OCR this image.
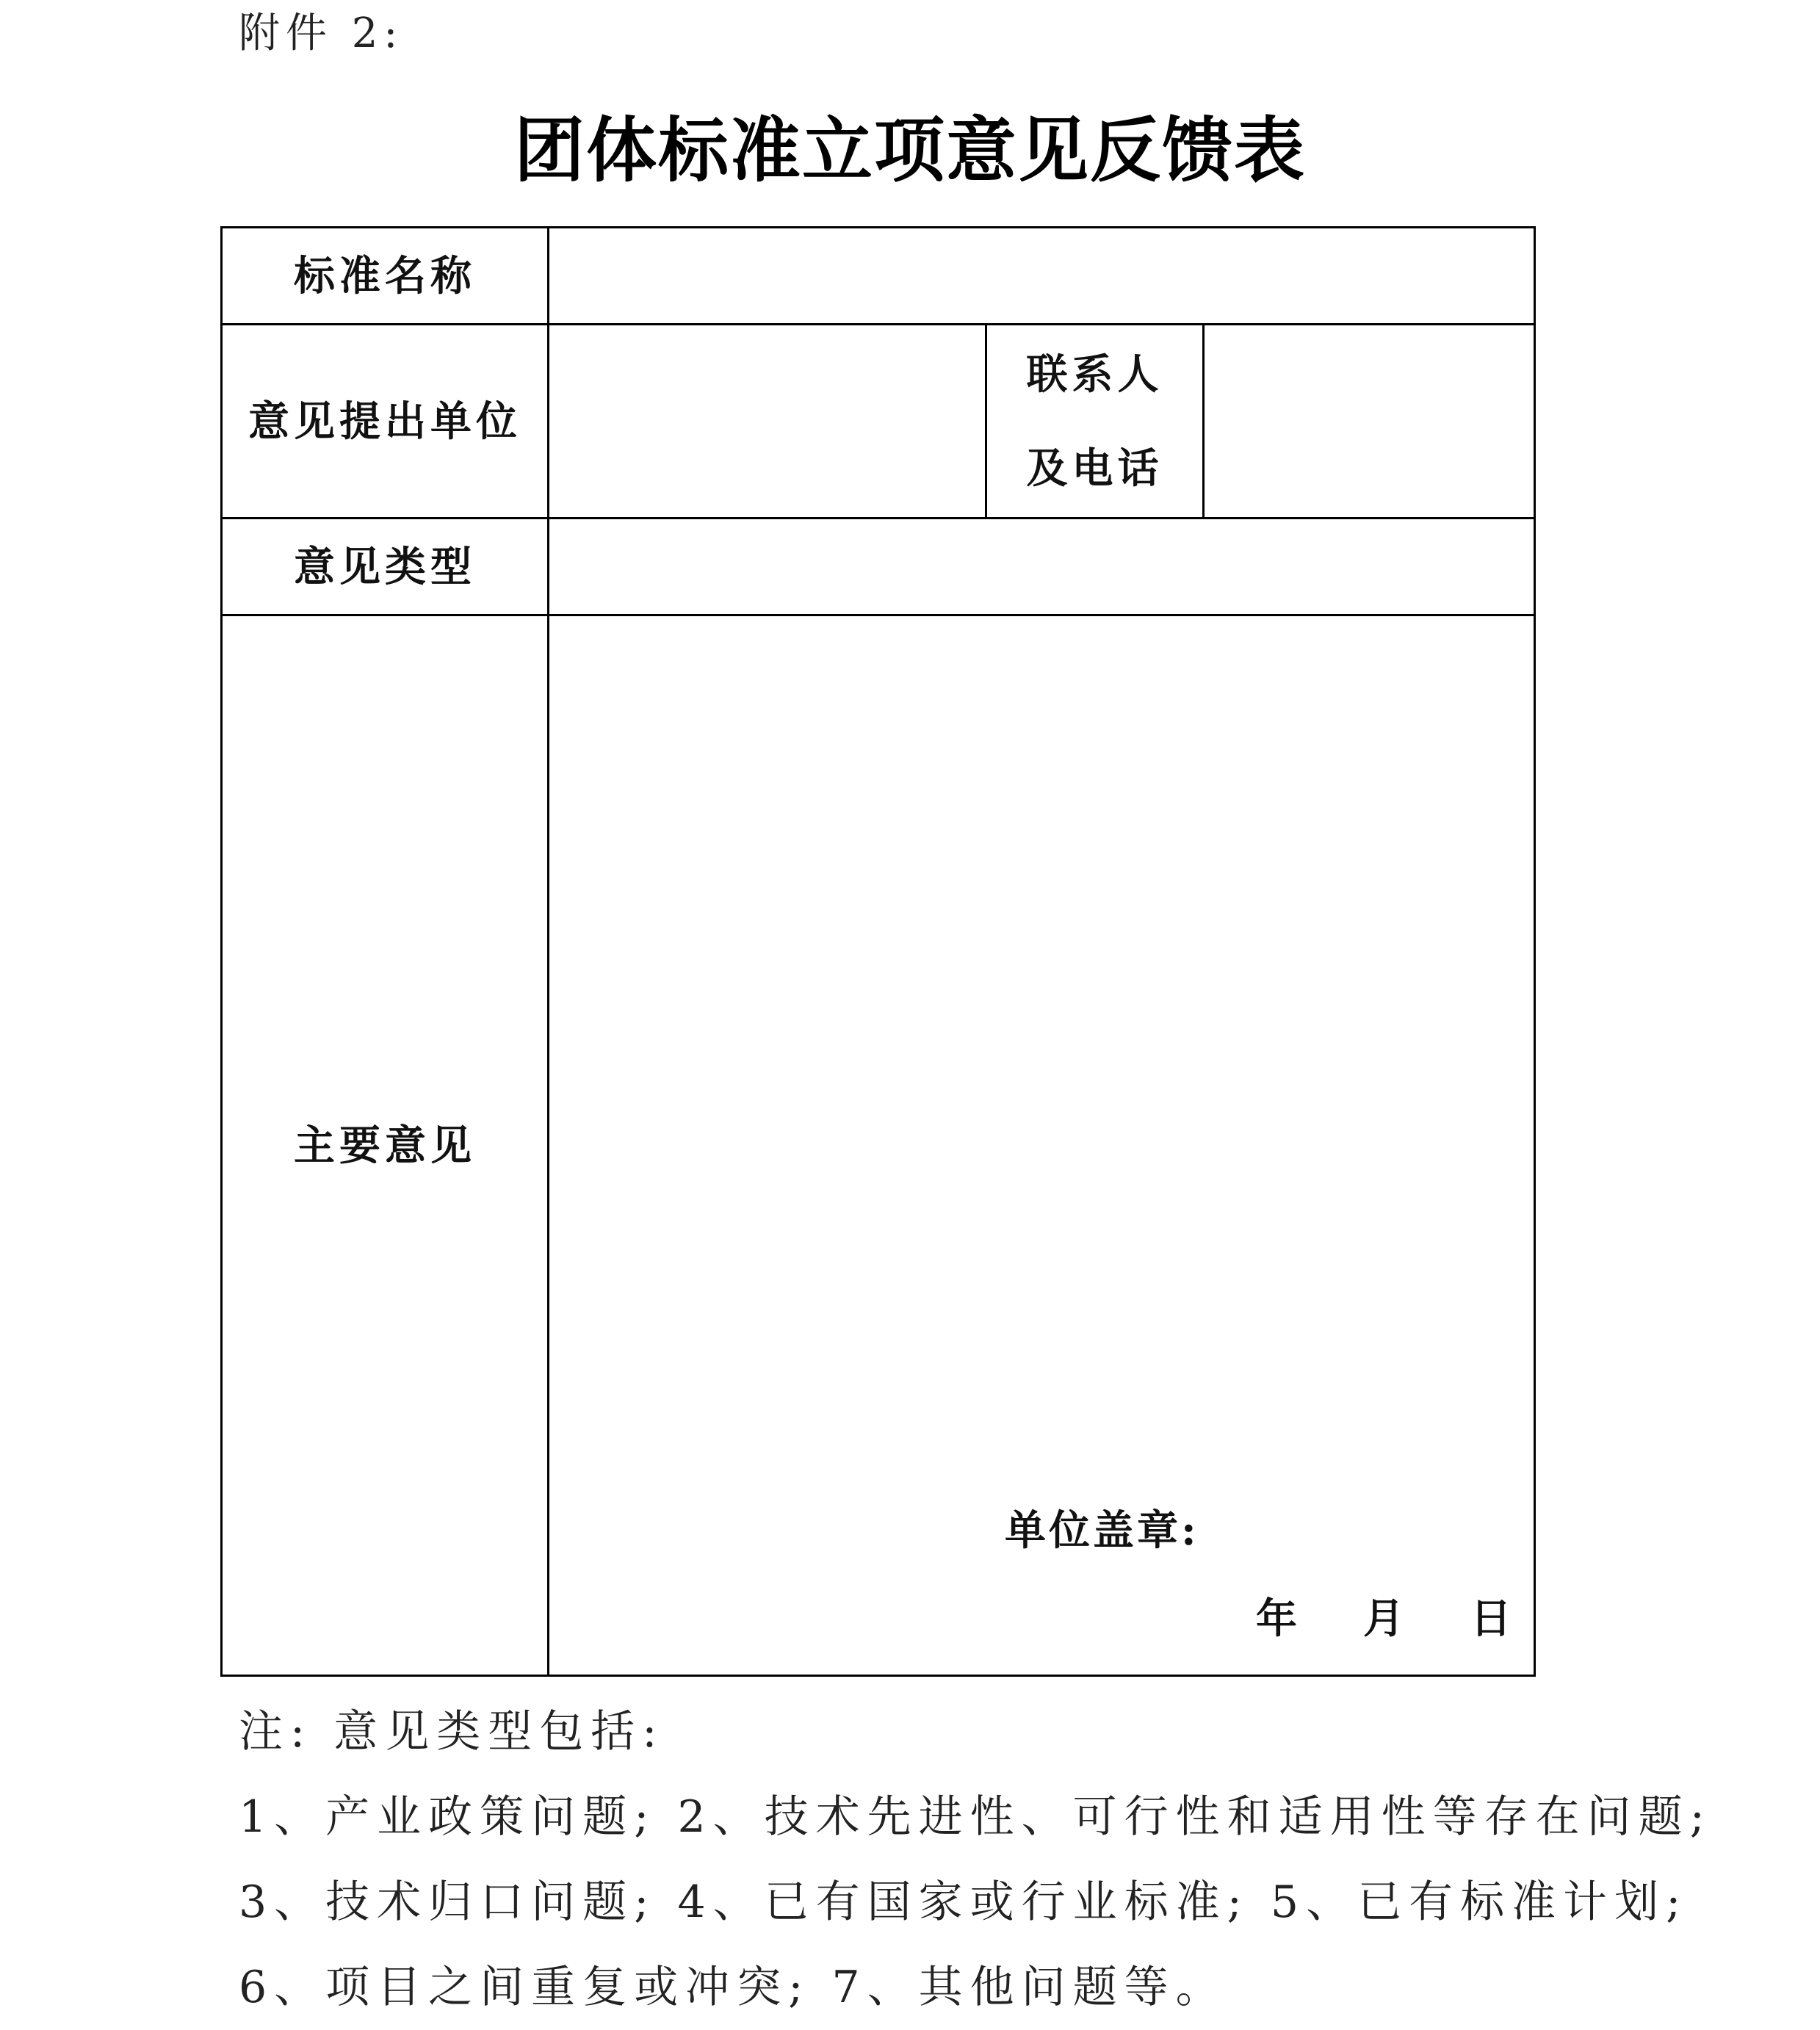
附件 2:
团体标准立项意见反馈表
标准名称			
意见提出单位		联系人
及电话	

意见类型			
主要意见	单位盖章:
年 月 日		
注: 意见类型包括:
1、产业政策问题; 2、技术先进性、可行性和适用性等存在问题;
3、技术归口问题; 4、已有国家或行业标准; 5、已有标准计划;
6、项目之间重复或冲突; 7、其他问题等。
